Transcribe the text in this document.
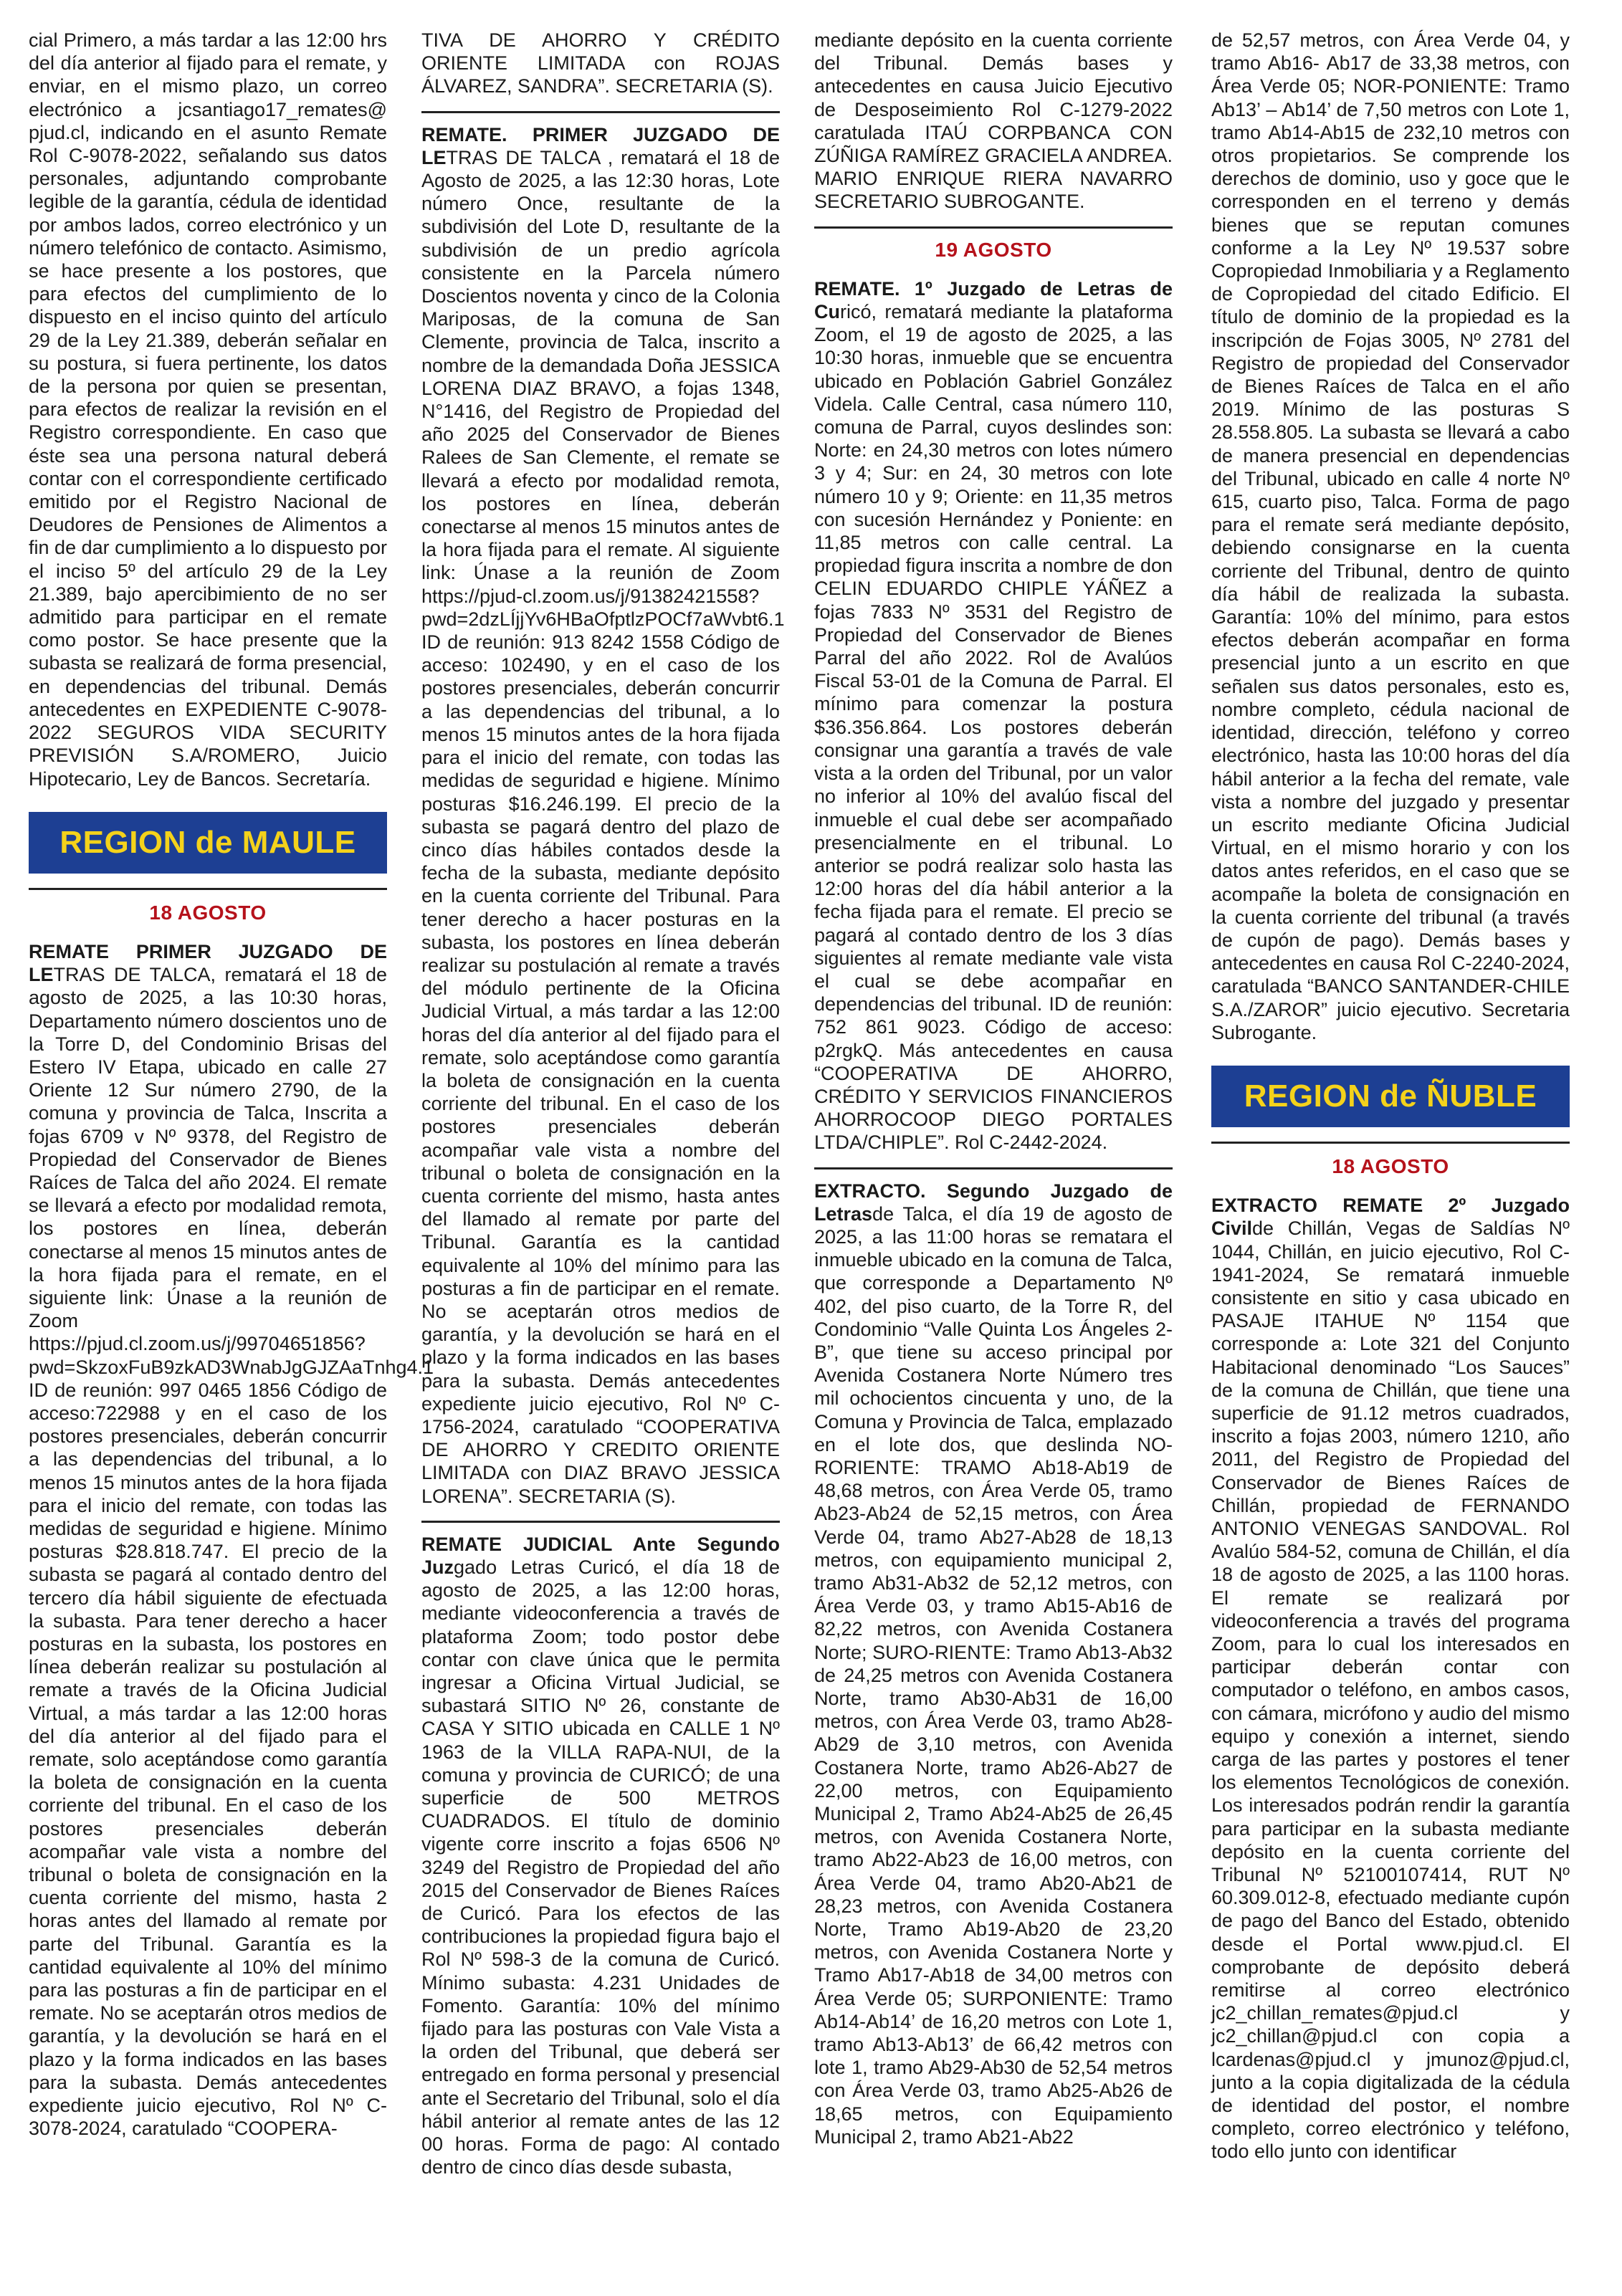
cial Primero, a más tardar a las 12:00 hrs del día anterior al fijado para el remate, y enviar, en el mismo plazo, un correo electrónico a jcsantiago17_remates@ pjud.cl, indicando en el asunto Remate Rol C-9078-2022, señalando sus datos personales, adjuntando comprobante legible de la garantía, cédula de identidad por ambos lados, correo electrónico y un número telefónico de contacto. Asimismo, se hace presente a los postores, que para efectos del cumplimiento de lo dispuesto en el inciso quinto del artículo 29 de la Ley 21.389, deberán señalar en su postura, si fuera pertinente, los datos de la persona por quien se presentan, para efectos de realizar la revisión en el Registro correspondiente. En caso que éste sea una persona natural deberá contar con el correspondiente certificado emitido por el Registro Nacional de Deudores de Pensiones de Alimentos a fin de dar cumplimiento a lo dispuesto por el inciso 5º del artículo 29 de la Ley 21.389, bajo apercibimiento de no ser admitido para participar en el remate como postor. Se hace presente que la subasta se realizará de forma presencial, en dependencias del tribunal. Demás antecedentes en EXPEDIENTE C-9078-2022 SEGUROS VIDA SECURITY PREVISIÓN S.A/ROMERO, Juicio Hipotecario, Ley de Bancos. Secretaría.

REGION de MAULE
18 AGOSTO

REMATE PRIMER JUZGADO DE LETRAS DE TALCA, rematará el 18 de agosto de 2025, a las 10:30 horas, Departamento número doscientos uno de la Torre D, del Condominio Brisas del Estero IV Etapa, ubicado en calle 27 Oriente 12 Sur número 2790, de la comuna y provincia de Talca, Inscrita a fojas 6709 v Nº 9378, del Registro de Propiedad del Conservador de Bienes Raíces de Talca del año 2024. El remate se llevará a efecto por modalidad remota, los postores en línea, deberán conectarse al menos 15 minutos antes de la hora fijada para el remate, en el siguiente link: Únase a la reunión de Zoom https://pjud.cl.zoom.us/j/99704651856?pwd=SkzoxFuB9zkAD3WnabJgGJZAaTnhg4.1 ID de reunión: 997 0465 1856 Código de acceso:722988 y en el caso de los postores presenciales, deberán concurrir a las dependencias del tribunal, a lo menos 15 minutos antes de la hora fijada para el inicio del remate, con todas las medidas de seguridad e higiene. Mínimo posturas $28.818.747. El precio de la subasta se pagará al contado dentro del tercero día hábil siguiente de efectuada la subasta. Para tener derecho a hacer posturas en la subasta, los postores en línea deberán realizar su postulación al remate a través de la Oficina Judicial Virtual, a más tardar a las 12:00 horas del día anterior al del fijado para el remate, solo aceptándose como garantía la boleta de consignación en la cuenta corriente del tribunal. En el caso de los postores presenciales deberán acompañar vale vista a nombre del tribunal o boleta de consignación en la cuenta corriente del mismo, hasta 2 horas antes del llamado al remate por parte del Tribunal. Garantía es la cantidad equivalente al 10% del mínimo para las posturas a fin de participar en el remate. No se aceptarán otros medios de garantía, y la devolución se hará en el plazo y la forma indicados en las bases para la subasta. Demás antecedentes expediente juicio ejecutivo, Rol Nº C-3078-2024, caratulado “COOPERA-

TIVA DE AHORRO Y CRÉDITO ORIENTE LIMITADA con ROJAS ÁLVAREZ, SANDRA”. SECRETARIA (S).

REMATE. PRIMER JUZGADO DE LETRAS DE TALCA , rematará el 18 de Agosto de 2025, a las 12:30 horas, Lote número Once, resultante de la subdivisión del Lote D, resultante de la subdivisión de un predio agrícola consistente en la Parcela número Doscientos noventa y cinco de la Colonia Mariposas, de la comuna de San Clemente, provincia de Talca, inscrito a nombre de la demandada Doña JESSICA LORENA DIAZ BRAVO, a fojas 1348, N°1416, del Registro de Propiedad del año 2025 del Conservador de Bienes Ralees de San Clemente, el remate se llevará a efecto por modalidad remota, los postores en línea, deberán conectarse al menos 15 minutos antes de la hora fijada para el remate. Al siguiente link: Únase a la reunión de Zoom https://pjud-cl.zoom.us/j/91382421558?pwd=2dzLÍjjYv6HBaOfptlzPOCf7aWvbt6.1 ID de reunión: 913 8242 1558 Código de acceso: 102490, y en el caso de los postores presenciales, deberán concurrir a las dependencias del tribunal, a lo menos 15 minutos antes de la hora fijada para el inicio del remate, con todas las medidas de seguridad e higiene. Mínimo posturas $16.246.199. El precio de la subasta se pagará dentro del plazo de cinco días hábiles contados desde la fecha de la subasta, mediante depósito en la cuenta corriente del Tribunal. Para tener derecho a hacer posturas en la subasta, los postores en línea deberán realizar su postulación al remate a través del módulo pertinente de la Oficina Judicial Virtual, a más tardar a las 12:00 horas del día anterior al del fijado para el remate, solo aceptándose como garantía la boleta de consignación en la cuenta corriente del tribunal. En el caso de los postores presenciales deberán acompañar vale vista a nombre del tribunal o boleta de consignación en la cuenta corriente del mismo, hasta antes del llamado al remate por parte del Tribunal. Garantía es la cantidad equivalente al 10% del mínimo para las posturas a fin de participar en el remate. No se aceptarán otros medios de garantía, y la devolución se hará en el plazo y la forma indicados en las bases para la subasta. Demás antecedentes expediente juicio ejecutivo, Rol Nº C-1756-2024, caratulado “COOPERATIVA DE AHORRO Y CREDITO ORIENTE LIMITADA con DIAZ BRAVO JESSICA LORENA”. SECRETARIA (S).

REMATE JUDICIAL Ante Segundo Juzgado Letras Curicó, el día 18 de agosto de 2025, a las 12:00 horas, mediante videoconferencia a través de plataforma Zoom; todo postor debe contar con clave única que le permita ingresar a Oficina Virtual Judicial, se subastará SITIO Nº 26, constante de CASA Y SITIO ubicada en CALLE 1 Nº 1963 de la VILLA RAPA-NUI, de la comuna y provincia de CURICÓ; de una superficie de 500 METROS CUADRADOS. El título de dominio vigente corre inscrito a fojas 6506 Nº 3249 del Registro de Propiedad del año 2015 del Conservador de Bienes Raíces de Curicó. Para los efectos de las contribuciones la propiedad figura bajo el Rol Nº 598-3 de la comuna de Curicó. Mínimo subasta: 4.231 Unidades de Fomento. Garantía: 10% del mínimo fijado para las posturas con Vale Vista a la orden del Tribunal, que deberá ser entregado en forma personal y presencial ante el Secretario del Tribunal, solo el día hábil anterior al remate antes de las 12 00 horas. Forma de pago: Al contado dentro de cinco días desde subasta,

mediante depósito en la cuenta corriente del Tribunal. Demás bases y antecedentes en causa Juicio Ejecutivo de Desposeimiento Rol C-1279-2022 caratulada ITAÚ CORPBANCA CON ZÚÑIGA RAMÍREZ GRACIELA ANDREA. MARIO ENRIQUE RIERA NAVARRO SECRETARIO SUBROGANTE.

19 AGOSTO

REMATE. 1º Juzgado de Letras de Curicó, rematará mediante la plataforma Zoom, el 19 de agosto de 2025, a las 10:30 horas, inmueble que se encuentra ubicado en Población Gabriel González Videla. Calle Central, casa número 110, comuna de Parral, cuyos deslindes son: Norte: en 24,30 metros con lotes número 3 y 4; Sur: en 24, 30 metros con lote número 10 y 9; Oriente: en 11,35 metros con sucesión Hernández y Poniente: en 11,85 metros con calle central. La propiedad figura inscrita a nombre de don CELIN EDUARDO CHIPLE YÁÑEZ a fojas 7833 Nº 3531 del Registro de Propiedad del Conservador de Bienes Parral del año 2022. Rol de Avalúos Fiscal 53-01 de la Comuna de Parral. El mínimo para comenzar la postura $36.356.864. Los postores deberán consignar una garantía a través de vale vista a la orden del Tribunal, por un valor no inferior al 10% del avalúo fiscal del inmueble el cual debe ser acompañado presencialmente en el tribunal. Lo anterior se podrá realizar solo hasta las 12:00 horas del día hábil anterior a la fecha fijada para el remate. El precio se pagará al contado dentro de los 3 días siguientes al remate mediante vale vista el cual se debe acompañar en dependencias del tribunal. ID de reunión: 752 861 9023. Código de acceso: p2rgkQ. Más antecedentes en causa “COOPERATIVA DE AHORRO, CRÉDITO Y SERVICIOS FINANCIEROS AHORROCOOP DIEGO PORTALES LTDA/CHIPLE”. Rol C-2442-2024.

EXTRACTO. Segundo Juzgado de Letrasde Talca, el día 19 de agosto de 2025, a las 11:00 horas se rematara el inmueble ubicado en la comuna de Talca, que corresponde a Departamento Nº 402, del piso cuarto, de la Torre R, del Condominio “Valle Quinta Los Ángeles 2-B”, que tiene su acceso principal por Avenida Costanera Norte Número tres mil ochocientos cincuenta y uno, de la Comuna y Provincia de Talca, emplazado en el lote dos, que deslinda NO-RORIENTE: TRAMO Ab18-Ab19 de 48,68 metros, con Área Verde 05, tramo Ab23-Ab24 de 52,15 metros, con Área Verde 04, tramo Ab27-Ab28 de 18,13 metros, con equipamiento municipal 2, tramo Ab31-Ab32 de 52,12 metros, con Área Verde 03, y tramo Ab15-Ab16 de 82,22 metros, con Avenida Costanera Norte; SURO-RIENTE: Tramo Ab13-Ab32 de 24,25 metros con Avenida Costanera Norte, tramo Ab30-Ab31 de 16,00 metros, con Área Verde 03, tramo Ab28-Ab29 de 3,10 metros, con Avenida Costanera Norte, tramo Ab26-Ab27 de 22,00 metros, con Equipamiento Municipal 2, Tramo Ab24-Ab25 de 26,45 metros, con Avenida Costanera Norte, tramo Ab22-Ab23 de 16,00 metros, con Área Verde 04, tramo Ab20-Ab21 de 28,23 metros, con Avenida Costanera Norte, Tramo Ab19-Ab20 de 23,20 metros, con Avenida Costanera Norte y Tramo Ab17-Ab18 de 34,00 metros con Área Verde 05; SURPONIENTE: Tramo Ab14-Ab14’ de 16,20 metros con Lote 1, tramo Ab13-Ab13’ de 66,42 metros con lote 1, tramo Ab29-Ab30 de 52,54 metros con Área Verde 03, tramo Ab25-Ab26 de 18,65 metros, con Equipamiento Municipal 2, tramo Ab21-Ab22

de 52,57 metros, con Área Verde 04, y tramo Ab16- Ab17 de 33,38 metros, con Área Verde 05; NOR-PONIENTE: Tramo Ab13’ – Ab14’ de 7,50 metros con Lote 1, tramo Ab14-Ab15 de 232,10 metros con otros propietarios. Se comprende los derechos de dominio, uso y goce que le corresponden en el terreno y demás bienes que se reputan comunes conforme a la Ley Nº 19.537 sobre Copropiedad Inmobiliaria y a Reglamento de Copropiedad del citado Edificio. El título de dominio de la propiedad es la inscripción de Fojas 3005, Nº 2781 del Registro de propiedad del Conservador de Bienes Raíces de Talca en el año 2019. Mínimo de las posturas S 28.558.805. La subasta se llevará a cabo de manera presencial en dependencias del Tribunal, ubicado en calle 4 norte Nº 615, cuarto piso, Talca. Forma de pago para el remate será mediante depósito, debiendo consignarse en la cuenta corriente del Tribunal, dentro de quinto día hábil de realizada la subasta. Garantía: 10% del mínimo, para estos efectos deberán acompañar en forma presencial junto a un escrito en que señalen sus datos personales, esto es, nombre completo, cédula nacional de identidad, dirección, teléfono y correo electrónico, hasta las 10:00 horas del día hábil anterior a la fecha del remate, vale vista a nombre del juzgado y presentar un escrito mediante Oficina Judicial Virtual, en el mismo horario y con los datos antes referidos, en el caso que se acompañe la boleta de consignación en la cuenta corriente del tribunal (a través de cupón de pago). Demás bases y antecedentes en causa Rol C-2240-2024, caratulada “BANCO SANTANDER-CHILE S.A./ZAROR” juicio ejecutivo. Secretaria Subrogante.

REGION de ÑUBLE
18 AGOSTO

EXTRACTO REMATE 2º Juzgado Civilde Chillán, Vegas de Saldías Nº 1044, Chillán, en juicio ejecutivo, Rol C-1941-2024, Se rematará inmueble consistente en sitio y casa ubicado en PASAJE ITAHUE Nº 1154 que corresponde a: Lote 321 del Conjunto Habitacional denominado “Los Sauces” de la comuna de Chillán, que tiene una superficie de 91.12 metros cuadrados, inscrito a fojas 2003, número 1210, año 2011, del Registro de Propiedad del Conservador de Bienes Raíces de Chillán, propiedad de FERNANDO ANTONIO VENEGAS SANDOVAL. Rol Avalúo 584-52, comuna de Chillán, el día 18 de agosto de 2025, a las 1100 horas. El remate se realizará por videoconferencia a través del programa Zoom, para lo cual los interesados en participar deberán contar con computador o teléfono, en ambos casos, con cámara, micrófono y audio del mismo equipo y conexión a internet, siendo carga de las partes y postores el tener los elementos Tecnológicos de conexión. Los interesados podrán rendir la garantía para participar en la subasta mediante depósito en la cuenta corriente del Tribunal Nº 52100107414, RUT Nº 60.309.012-8, efectuado mediante cupón de pago del Banco del Estado, obtenido desde el Portal www.pjud.cl. El comprobante de depósito deberá remitirse al correo electrónico jc2_chillan_remates@pjud.cl y jc2_chillan@pjud.cl con copia a lcardenas@pjud.cl y jmunoz@pjud.cl, junto a la copia digitalizada de la cédula de identidad del postor, el nombre completo, correo electrónico y teléfono, todo ello junto con identificar
